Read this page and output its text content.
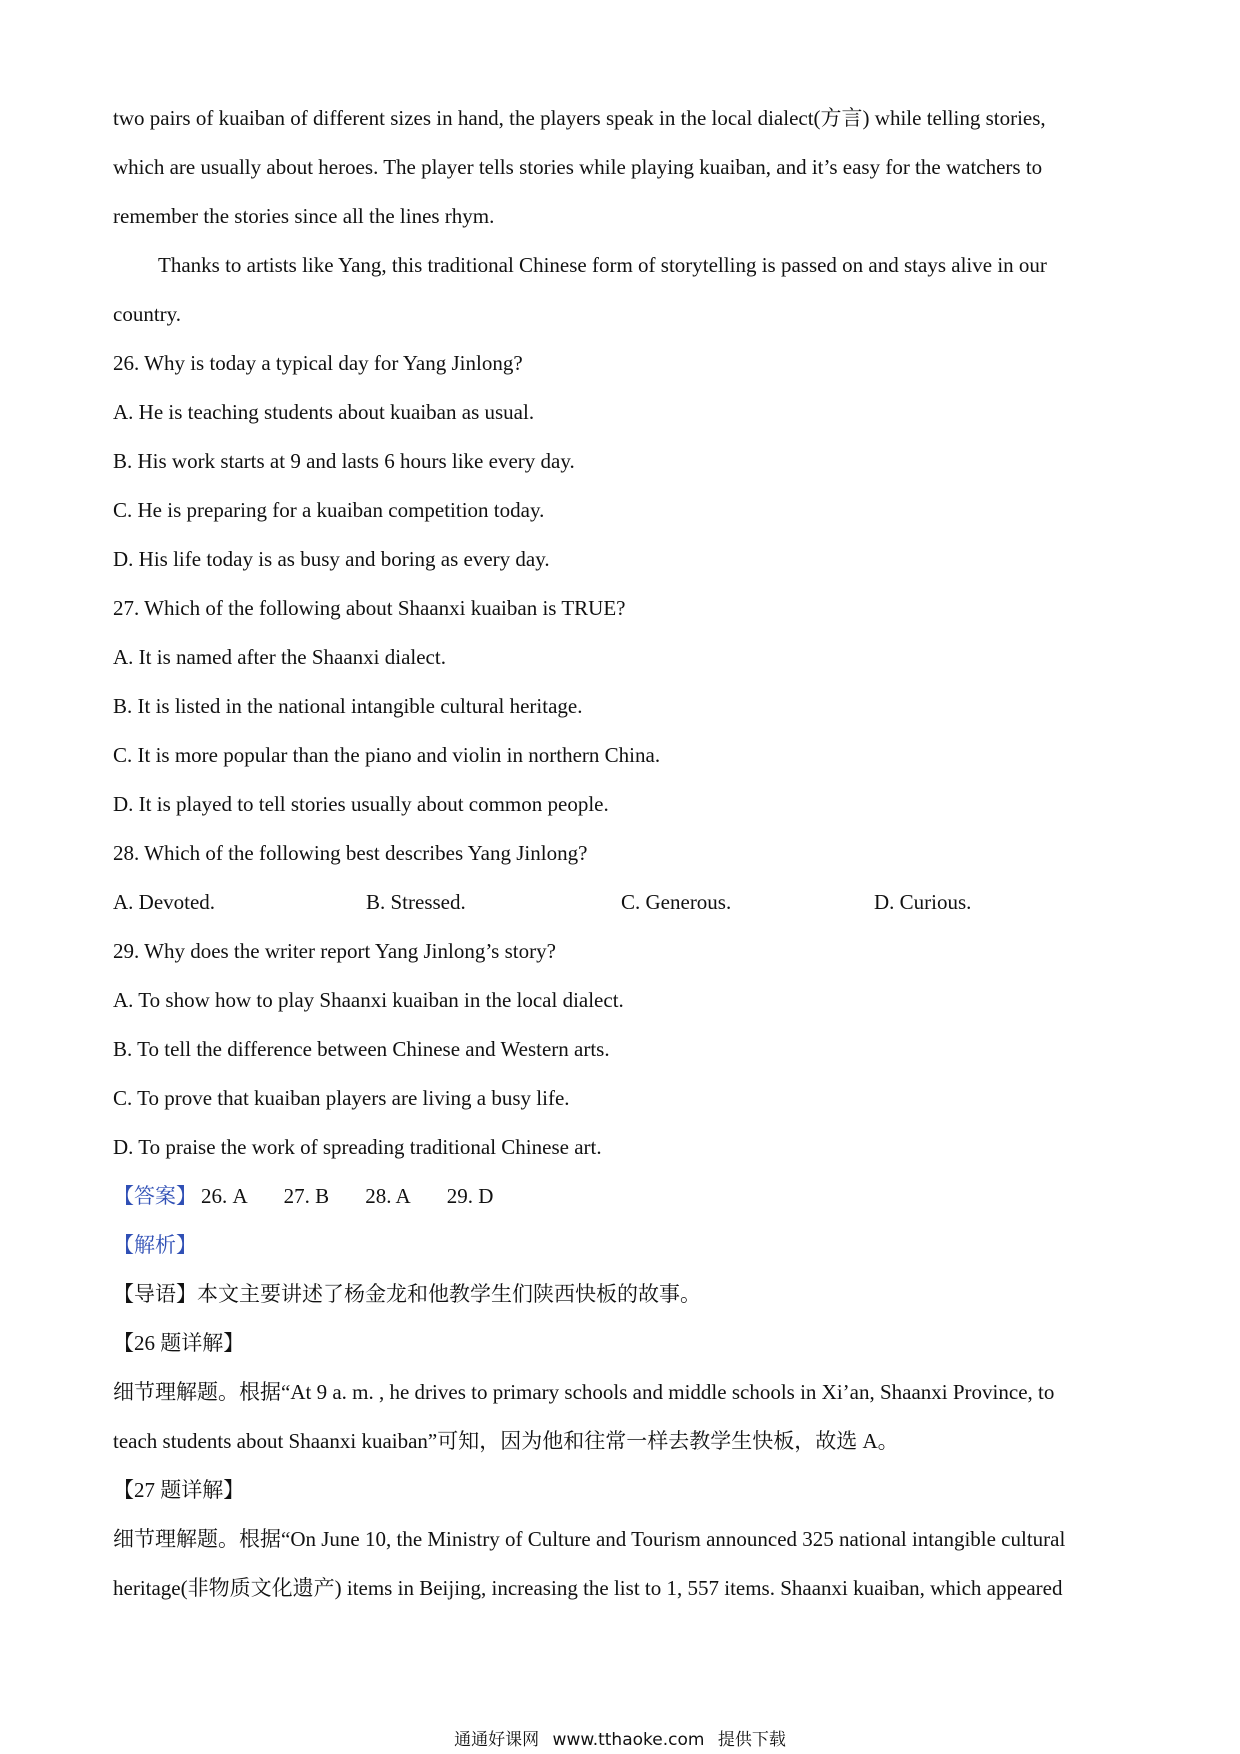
two pairs of kuaiban of different sizes in hand, the players speak in the local dialect(方言) while telling stories,
which are usually about heroes. The player tells stories while playing kuaiban, and it’s easy for the watchers to
remember the stories since all the lines rhym.
Thanks to artists like Yang, this traditional Chinese form of storytelling is passed on and stays alive in our
country.
26. Why is today a typical day for Yang Jinlong?
A. He is teaching students about kuaiban as usual.
B. His work starts at 9 and lasts 6 hours like every day.
C. He is preparing for a kuaiban competition today.
D. His life today is as busy and boring as every day.
27. Which of the following about Shaanxi kuaiban is TRUE?
A. It is named after the Shaanxi dialect.
B. It is listed in the national intangible cultural heritage.
C. It is more popular than the piano and violin in northern China.
D. It is played to tell stories usually about common people.
28. Which of the following best describes Yang Jinlong?
A. Devoted.	B. Stressed.	C. Generous.	D. Curious.
29. Why does the writer report Yang Jinlong’s story?
A. To show how to play Shaanxi kuaiban in the local dialect.
B. To tell the difference between Chinese and Western arts.
C. To prove that kuaiban players are living a busy life.
D. To praise the work of spreading traditional Chinese art.
【答案】 26. A 27. B 28. A 29. D
【解析】
【导语】本文主要讲述了杨金龙和他教学生们陕西快板的故事。
【26 题详解】
细节理解题。根据“At 9 a. m. , he drives to primary schools and middle schools in Xi’an, Shaanxi Province, to
teach students about Shaanxi kuaiban”可知，因为他和往常一样去教学生快板，故选 A。
【27 题详解】
细节理解题。根据“On June 10, the Ministry of Culture and Tourism announced 325 national intangible cultural
heritage(非物质文化遗产) items in Beijing, increasing the list to 1, 557 items. Shaanxi kuaiban, which appeared
通通好课网 www.tthaoke.com 提供下载
